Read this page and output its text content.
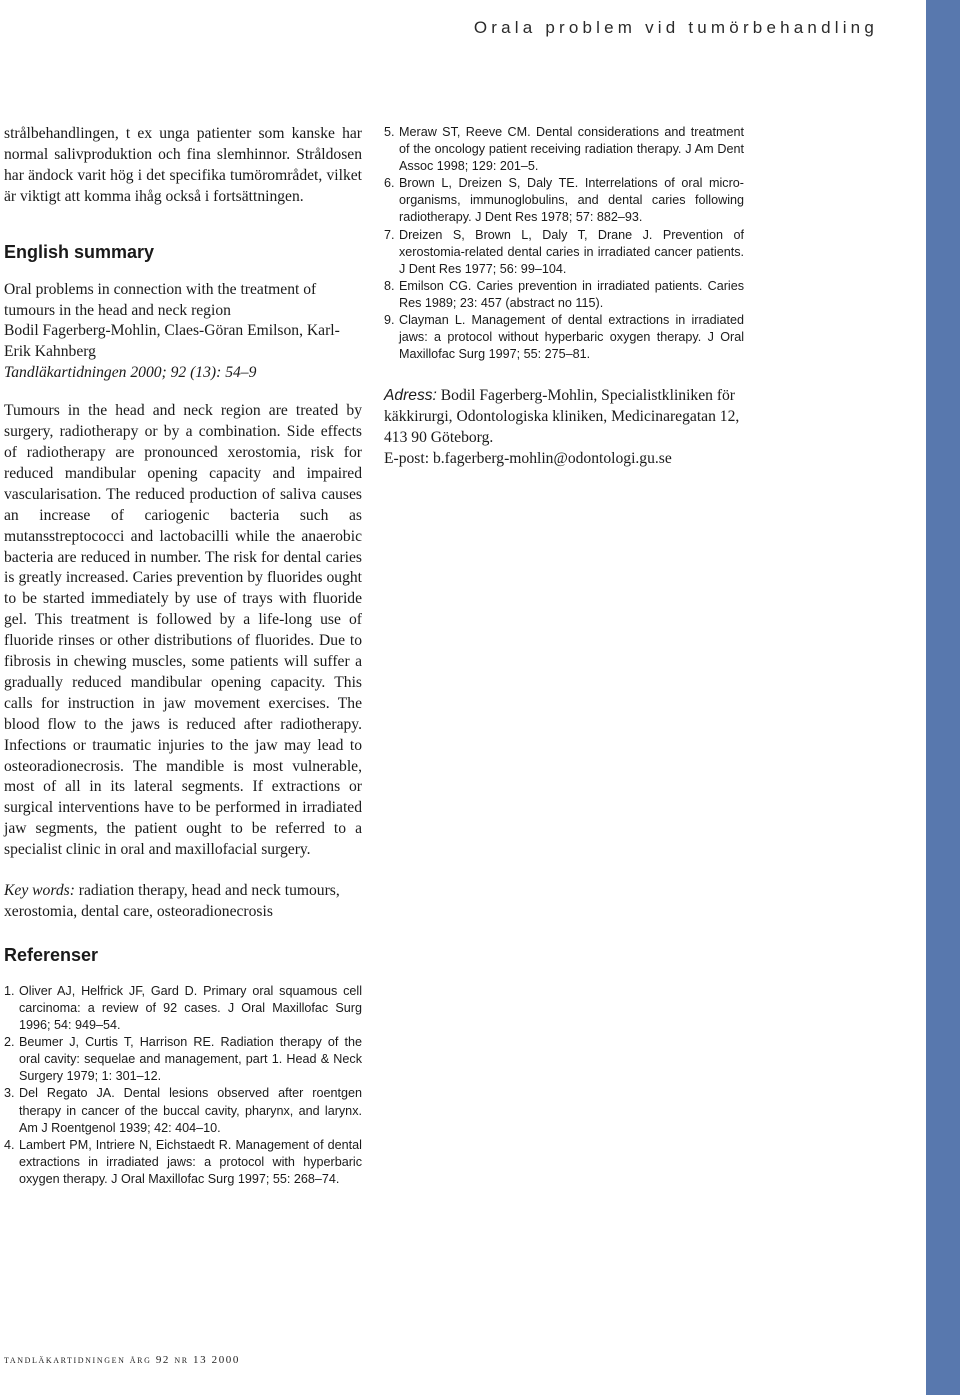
Orala problem vid tumörbehandling

strålbehandlingen, t ex unga patienter som kanske har normal salivproduktion och fina slemhinnor. Stråldosen har ändock varit hög i det specifika tumörområdet, vilket är viktigt att komma ihåg också i fortsättningen.

English summary
Oral problems in connection with the treatment of tumours in the head and neck region
Bodil Fagerberg-Mohlin, Claes-Göran Emilson, Karl-Erik Kahnberg
Tandläkartidningen 2000; 92 (13): 54–9

Tumours in the head and neck region are treated by surgery, radiotherapy or by a combination. Side effects of radiotherapy are pronounced xerostomia, risk for reduced mandibular opening capacity and impaired vascularisation. The reduced production of saliva causes an increase of cariogenic bacteria such as mutansstreptococci and lactobacilli while the anaerobic bacteria are reduced in number. The risk for dental caries is greatly increased. Caries prevention by fluorides ought to be started immediately by use of trays with fluoride gel. This treatment is followed by a life-long use of fluoride rinses or other distributions of fluorides. Due to fibrosis in chewing muscles, some patients will suffer a gradually reduced mandibular opening capacity. This calls for instruction in jaw movement exercises. The blood flow to the jaws is reduced after radiotherapy. Infections or traumatic injuries to the jaw may lead to osteoradionecrosis. The mandible is most vulnerable, most of all in its lateral segments. If extractions or surgical interventions have to be performed in irradiated jaw segments, the patient ought to be referred to a specialist clinic in oral and maxillofacial surgery.

Key words: radiation therapy, head and neck tumours, xerostomia, dental care, osteoradionecrosis
Referenser
1. Oliver AJ, Helfrick JF, Gard D. Primary oral squamous cell carcinoma: a review of 92 cases. J Oral Maxillofac Surg 1996; 54: 949–54.
2. Beumer J, Curtis T, Harrison RE. Radiation therapy of the oral cavity: sequelae and management, part 1. Head & Neck Surgery 1979; 1: 301–12.
3. Del Regato JA. Dental lesions observed after roentgen therapy in cancer of the buccal cavity, pharynx, and larynx. Am J Roentgenol 1939; 42: 404–10.
4. Lambert PM, Intriere N, Eichstaedt R. Management of dental extractions in irradiated jaws: a protocol with hyperbaric oxygen therapy. J Oral Maxillofac Surg 1997; 55: 268–74.
5. Meraw ST, Reeve CM. Dental considerations and treatment of the oncology patient receiving radiation therapy. J Am Dent Assoc 1998; 129: 201–5.
6. Brown L, Dreizen S, Daly TE. Interrelations of oral microorganisms, immunoglobulins, and dental caries following radiotherapy. J Dent Res 1978; 57: 882–93.
7. Dreizen S, Brown L, Daly T, Drane J. Prevention of xerostomia-related dental caries in irradiated cancer patients. J Dent Res 1977; 56: 99–104.
8. Emilson CG. Caries prevention in irradiated patients. Caries Res 1989; 23: 457 (abstract no 115).
9. Clayman L. Management of dental extractions in irradiated jaws: a protocol without hyperbaric oxygen therapy. J Oral Maxillofac Surg 1997; 55: 275–81.
Adress: Bodil Fagerberg-Mohlin, Specialistkliniken för käkkirurgi, Odontologiska kliniken, Medicinaregatan 12, 413 90 Göteborg.
E-post: b.fagerberg-mohlin@odontologi.gu.se
tandläkartidningen årg 92 nr 13 2000
